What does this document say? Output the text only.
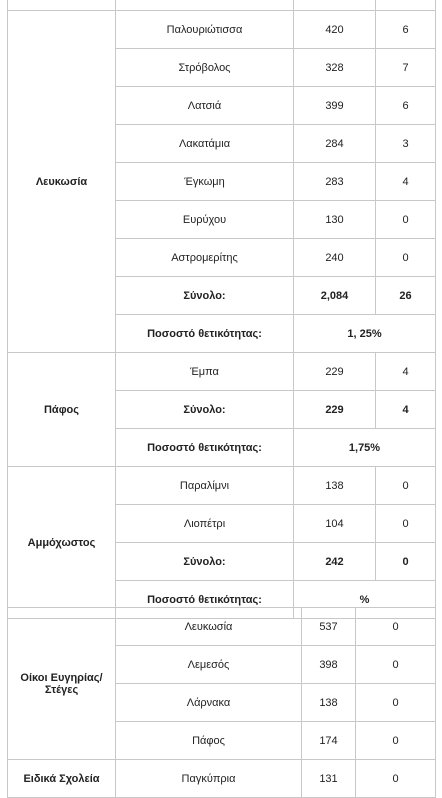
Λευκωσία	Παλουριώτισσα	420	6
	Στρόβολος	328	7
	Λατσιά	399	6
	Λακατάμια	284	3
	Έγκωμη	283	4
	Ευρύχου	130	0
	Αστρομερίτης	240	0
	Σύνολο:	2,084	26
	Ποσοστό θετικότητας:	1, 25%	
Πάφος	Έμπα	229	4
	Σύνολο:	229	4
	Ποσοστό θετικότητας:	1,75%	
Αμμόχωστος	Παραλίμνι	138	0
	Λιοπέτρι	104	0
	Σύνολο:	242	0
	Ποσοστό θετικότητας:	%	
Οίκοι Ευγηρίας/ Στέγες	Λευκωσία	537	0
	Λεμεσός	398	0
	Λάρνακα	138	0
	Πάφος	174	0
Ειδικά Σχολεία	Παγκύπρια	131	0
